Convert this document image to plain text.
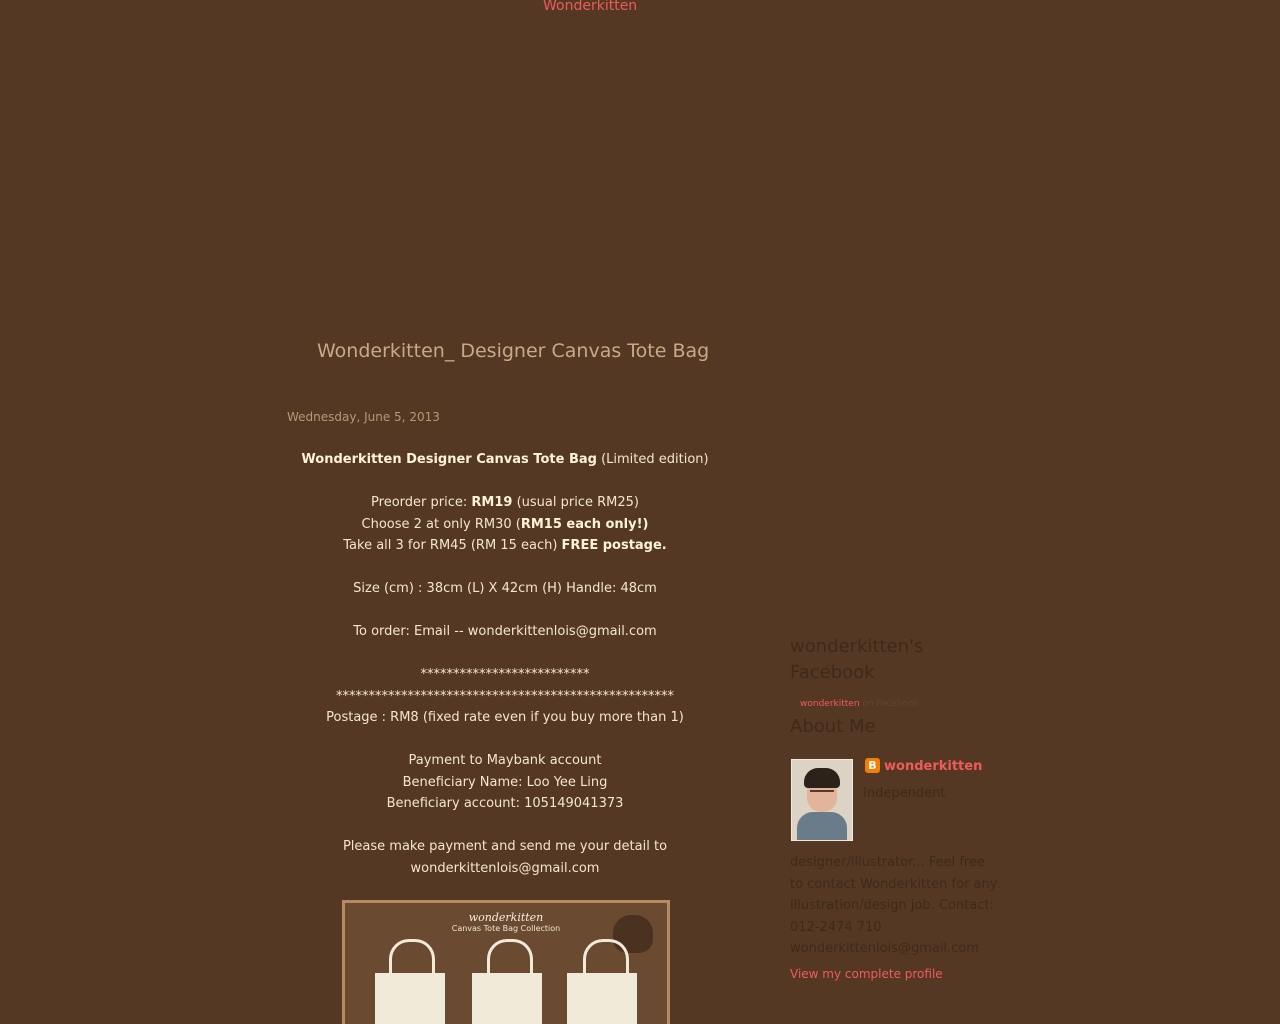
Wonderkitten
Wonderkitten_ Designer Canvas Tote Bag
Wednesday, June 5, 2013
Wonderkitten Designer Canvas Tote Bag (Limited edition)
Preorder price: RM19 (usual price RM25)
Choose 2 at only RM30 (RM15 each only!)
Take all 3 for RM45 (RM 15 each) FREE postage.
Size (cm) : 38cm (L) X 42cm (H) Handle: 48cm
To order: Email -- wonderkittenlois@gmail.com
**************************
****************************************************
Postage : RM8 (fixed rate even if you buy more than 1)
Payment to Maybank account
Beneficiary Name: Loo Yee Ling
Beneficiary account: 105149041373
Please make payment and send me your detail to
wonderkittenlois@gmail.com
wonderkitten
Canvas Tote Bag Collection
wonderkitten's Facebook
wonderkitten on Facebook
About Me
B wonderkitten
Independent
designer/illustrator... Feel free to contact Wonderkitten for any illustration/design job. Contact: 012-2474 710 wonderkittenlois@gmail.com
View my complete profile
